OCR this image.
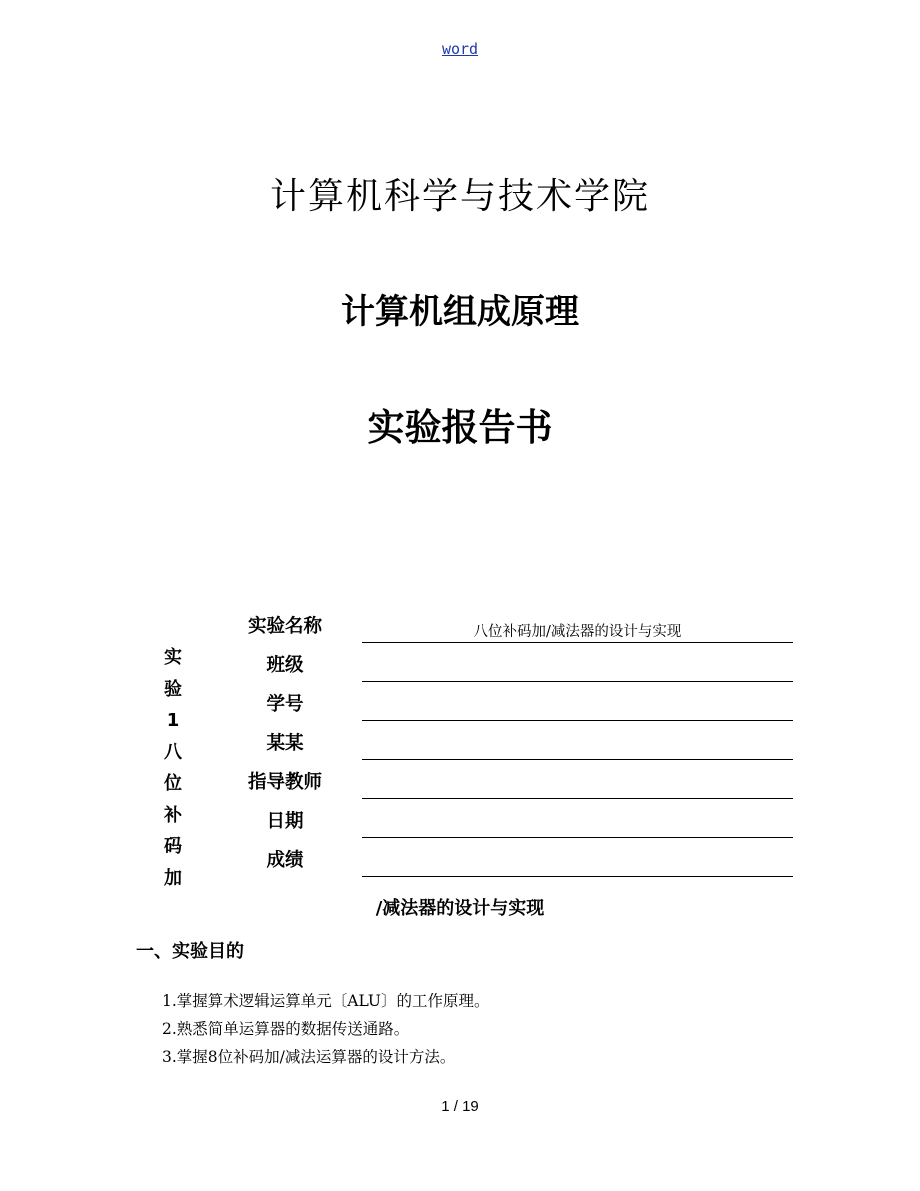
word
计算机科学与技术学院
计算机组成原理
实验报告书
实
验
1
八
位
补
码
加
实验名称	八位补码加/减法器的设计与实现
班级
学号
某某
指导教师
日期
成绩
/减法器的设计与实现
一、实验目的
1.掌握算术逻辑运算单元〔ALU〕的工作原理。
2.熟悉简单运算器的数据传送通路。
3.掌握8位补码加/减法运算器的设计方法。
1 / 19
